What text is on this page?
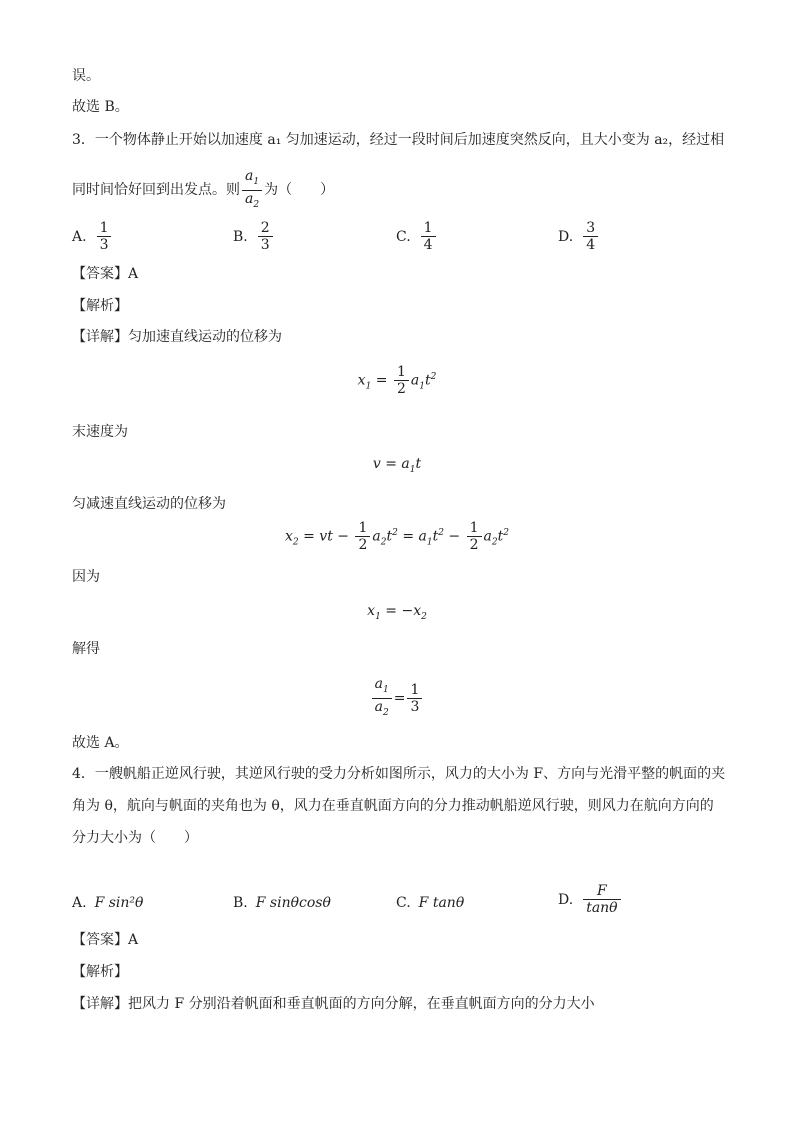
误。
故选 B。
3．一个物体静止开始以加速度 a₁ 匀加速运动，经过一段时间后加速度突然反向，且大小变为 a₂，经过相
同时间恰好回到出发点。则 $\frac{a_1}{a_2}$ 为（　　）
A. $\frac{1}{3}$	B. $\frac{2}{3}$	C. $\frac{1}{4}$	D. $\frac{3}{4}$
【答案】A
【解析】
【详解】匀加速直线运动的位移为
$x_1 = \frac{1}{2} a_1t^2$
末速度为
$v = a_1t$
匀减速直线运动的位移为
$x_2$ = vt − $\frac{1}{2} a_2t^2 = a_1t^2 - \frac{1}{2} a_2t^2$
因为
$x_1 = -x_2$
解得
$\frac{a_1}{a_2} = \frac{1}{3}$
故选 A。
4．一艘帆船正逆风行驶，其逆风行驶的受力分析如图所示，风力的大小为 F、方向与光滑平整的帆面的夹
角为 θ，航向与帆面的夹角也为 θ，风力在垂直帆面方向的分力推动帆船逆风行驶，则风力在航向方向的
分力大小为（　　）
A. F sin²θ	B. F sinθcosθ	C. F tanθ	D. $\frac{F}{\tan\theta}$
【答案】A
【解析】
【详解】把风力 F 分别沿着帆面和垂直帆面的方向分解，在垂直帆面方向的分力大小
